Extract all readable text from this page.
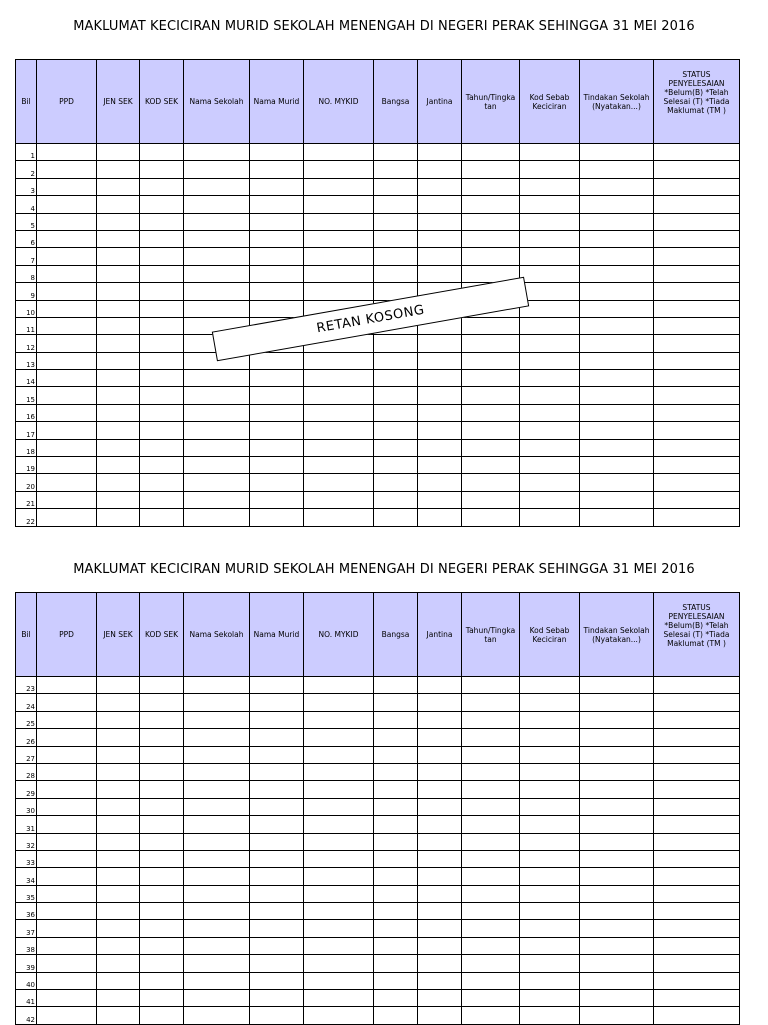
MAKLUMAT KECICIRAN MURID SEKOLAH MENENGAH DI NEGERI PERAK SEHINGGA 31 MEI 2016
Bil	PPD	JEN SEK	KOD SEK	Nama Sekolah	Nama Murid	NO. MYKID	Bangsa	Jantina	Tahun/Tingka tan	Kod Sebab Keciciran	Tindakan Sekolah (Nyatakan...)	STATUS PENYELESAIAN *Belum(B) *Telah Selesai (T) *Tiada Maklumat (TM )
1												
2												
3												
4												
5												
6												
7												
8												
9												
10												
11												
12												
13												
14												
15												
16												
17												
18												
19												
20												
21												
22												
RETAN KOSONG
MAKLUMAT KECICIRAN MURID SEKOLAH MENENGAH DI NEGERI PERAK SEHINGGA 31 MEI 2016
Bil	PPD	JEN SEK	KOD SEK	Nama Sekolah	Nama Murid	NO. MYKID	Bangsa	Jantina	Tahun/Tingka tan	Kod Sebab Keciciran	Tindakan Sekolah (Nyatakan...)	STATUS PENYELESAIAN *Belum(B) *Telah Selesai (T) *Tiada Maklumat (TM )
23												
24												
25												
26												
27												
28												
29												
30												
31												
32												
33												
34												
35												
36												
37												
38												
39												
40												
41												
42												
